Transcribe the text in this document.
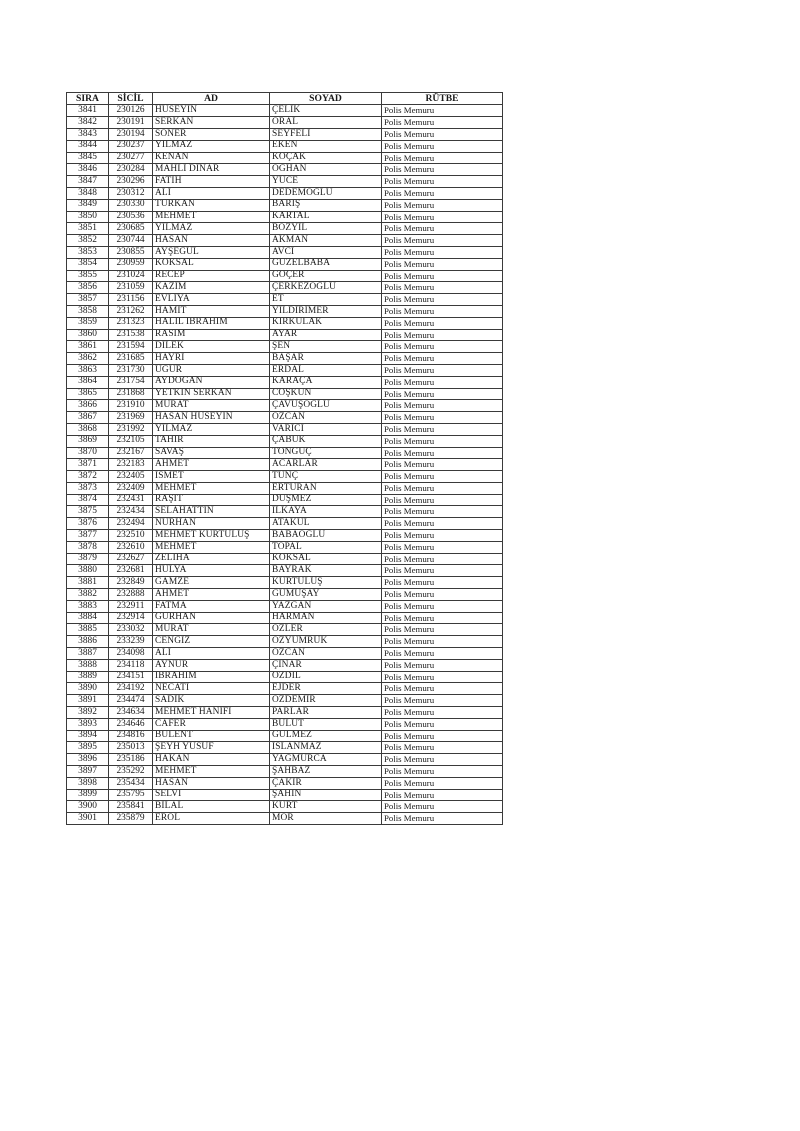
SIRA	SİCİL	AD	SOYAD	RÜTBE
3841	230126	HÜSEYİN	ÇELİK	Polis Memuru
3842	230191	SERKAN	ORAL	Polis Memuru
3843	230194	SONER	SEYFELİ	Polis Memuru
3844	230237	YILMAZ	EKEN	Polis Memuru
3845	230277	KENAN	KOÇAK	Polis Memuru
3846	230284	MAHLİ DİNAR	OĞHAN	Polis Memuru
3847	230296	FATİH	YÜCE	Polis Memuru
3848	230312	ALİ	DEDEMOĞLU	Polis Memuru
3849	230330	TÜRKAN	BARIŞ	Polis Memuru
3850	230536	MEHMET	KARTAL	Polis Memuru
3851	230685	YILMAZ	BOZYİL	Polis Memuru
3852	230744	HASAN	AKMAN	Polis Memuru
3853	230855	AYŞEGÜL	AVCI	Polis Memuru
3854	230959	KÖKSAL	GÜZELBABA	Polis Memuru
3855	231024	RECEP	GÖÇER	Polis Memuru
3856	231059	KAZIM	ÇERKEZOĞLU	Polis Memuru
3857	231156	EVLİYA	ET	Polis Memuru
3858	231262	HAMİT	YILDIRIMER	Polis Memuru
3859	231323	HALİL İBRAHİM	KIRKULAK	Polis Memuru
3860	231538	RASİM	AYAR	Polis Memuru
3861	231594	DİLEK	ŞEN	Polis Memuru
3862	231685	HAYRİ	BAŞAR	Polis Memuru
3863	231730	UĞUR	ERDAL	Polis Memuru
3864	231754	AYDOĞAN	KARAÇA	Polis Memuru
3865	231868	YETKİN SERKAN	COŞKUN	Polis Memuru
3866	231910	MURAT	ÇAVUŞOĞLU	Polis Memuru
3867	231969	HASAN HÜSEYİN	ÖZCAN	Polis Memuru
3868	231992	YILMAZ	VARICI	Polis Memuru
3869	232105	TAHİR	ÇABUK	Polis Memuru
3870	232167	SAVAŞ	TONGUÇ	Polis Memuru
3871	232183	AHMET	ACARLAR	Polis Memuru
3872	232405	İSMET	TUNÇ	Polis Memuru
3873	232409	MEHMET	ERTURAN	Polis Memuru
3874	232431	RAŞİT	DÜŞMEZ	Polis Memuru
3875	232434	SELAHATTİN	İLKAYA	Polis Memuru
3876	232494	NURHAN	ATAKUL	Polis Memuru
3877	232510	MEHMET KURTULUŞ	BABAOĞLU	Polis Memuru
3878	232610	MEHMET	TOPAL	Polis Memuru
3879	232627	ZELİHA	KÖKSAL	Polis Memuru
3880	232681	HÜLYA	BAYRAK	Polis Memuru
3881	232849	GAMZE	KURTULUŞ	Polis Memuru
3882	232888	AHMET	GÜMÜŞAY	Polis Memuru
3883	232911	FATMA	YAZGAN	Polis Memuru
3884	232914	GÜRHAN	HARMAN	Polis Memuru
3885	233032	MURAT	ÖZLER	Polis Memuru
3886	233239	CENGİZ	ÖZYUMRUK	Polis Memuru
3887	234098	ALİ	ÖZCAN	Polis Memuru
3888	234118	AYNUR	ÇINAR	Polis Memuru
3889	234151	İBRAHİM	ÖZDİL	Polis Memuru
3890	234192	NECATİ	EJDER	Polis Memuru
3891	234474	SADIK	ÖZDEMİR	Polis Memuru
3892	234634	MEHMET HANİFİ	PARLAR	Polis Memuru
3893	234646	CAFER	BULUT	Polis Memuru
3894	234816	BÜLENT	GÜLMEZ	Polis Memuru
3895	235013	ŞEYH YUSUF	İSLANMAZ	Polis Memuru
3896	235186	HAKAN	YAĞMURCA	Polis Memuru
3897	235292	MEHMET	ŞAHBAZ	Polis Memuru
3898	235434	HASAN	ÇAKIR	Polis Memuru
3899	235795	SELVİ	ŞAHİN	Polis Memuru
3900	235841	BİLAL	KURT	Polis Memuru
3901	235879	EROL	MOR	Polis Memuru
